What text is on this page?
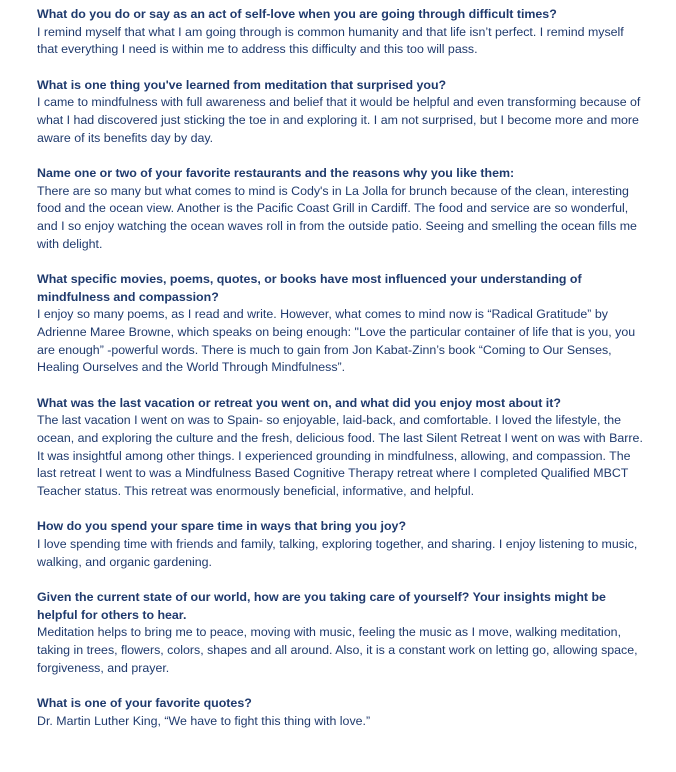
What do you do or say as an act of self-love when you are going through difficult times?

I remind myself that what I am going through is common humanity and that life isn’t perfect. I remind myself that everything I need is within me to address this difficulty and this too will pass.

What is one thing you've learned from meditation that surprised you?

I came to mindfulness with full awareness and belief that it would be helpful and even transforming because of what I had discovered just sticking the toe in and exploring it. I am not surprised, but I become more and more aware of its benefits day by day.

Name one or two of your favorite restaurants and the reasons why you like them:

There are so many but what comes to mind is Cody's in La Jolla for brunch because of the clean, interesting food and the ocean view. Another is the Pacific Coast Grill in Cardiff. The food and service are so wonderful, and I so enjoy watching the ocean waves roll in from the outside patio. Seeing and smelling the ocean fills me with delight.

What specific movies, poems, quotes, or books have most influenced your understanding of mindfulness and compassion?

I enjoy so many poems, as I read and write. However, what comes to mind now is “Radical Gratitude” by Adrienne Maree Browne, which speaks on being enough: "Love the particular container of life that is you, you are enough” -powerful words. There is much to gain from Jon Kabat-Zinn’s book “Coming to Our Senses, Healing Ourselves and the World Through Mindfulness”.

What was the last vacation or retreat you went on, and what did you enjoy most about it?

The last vacation I went on was to Spain- so enjoyable, laid-back, and comfortable. I loved the lifestyle, the ocean, and exploring the culture and the fresh, delicious food. The last Silent Retreat I went on was with Barre. It was insightful among other things. I experienced grounding in mindfulness, allowing, and compassion. The last retreat I went to was a Mindfulness Based Cognitive Therapy retreat where I completed Qualified MBCT Teacher status. This retreat was enormously beneficial, informative, and helpful.

How do you spend your spare time in ways that bring you joy?

I love spending time with friends and family, talking, exploring together, and sharing. I enjoy listening to music, walking, and organic gardening.

Given the current state of our world, how are you taking care of yourself? Your insights might be helpful for others to hear.

Meditation helps to bring me to peace, moving with music, feeling the music as I move, walking meditation, taking in trees, flowers, colors, shapes and all around. Also, it is a constant work on letting go, allowing space, forgiveness, and prayer.

What is one of your favorite quotes?

Dr. Martin Luther King, “We have to fight this thing with love.”
